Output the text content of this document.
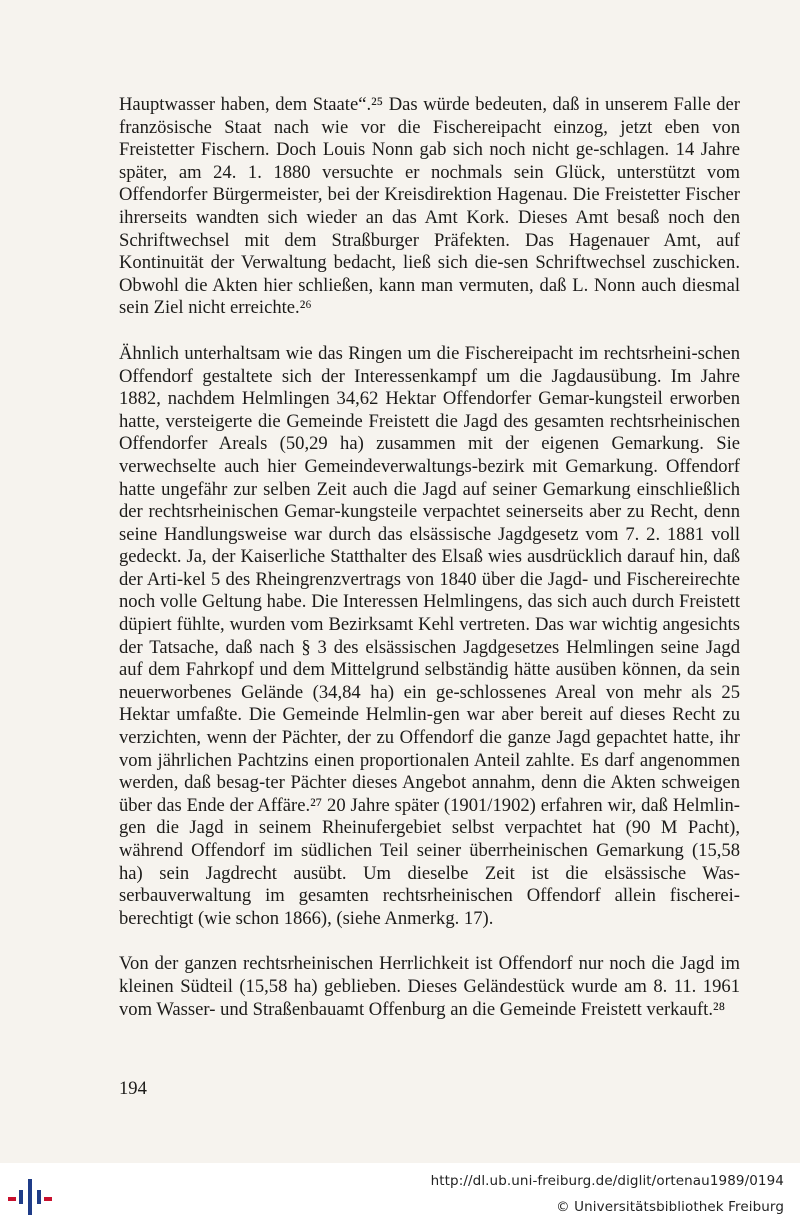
Hauptwasser haben, dem Staate“.²⁵ Das würde bedeuten, daß in unserem Falle der französische Staat nach wie vor die Fischereipacht einzog, jetzt eben von Freistetter Fischern. Doch Louis Nonn gab sich noch nicht ge-schlagen. 14 Jahre später, am 24. 1. 1880 versuchte er nochmals sein Glück, unterstützt vom Offendorfer Bürgermeister, bei der Kreisdirektion Hagenau. Die Freistetter Fischer ihrerseits wandten sich wieder an das Amt Kork. Dieses Amt besaß noch den Schriftwechsel mit dem Straßburger Präfekten. Das Hagenauer Amt, auf Kontinuität der Verwaltung bedacht, ließ sich die-sen Schriftwechsel zuschicken. Obwohl die Akten hier schließen, kann man vermuten, daß L. Nonn auch diesmal sein Ziel nicht erreichte.²⁶

Ähnlich unterhaltsam wie das Ringen um die Fischereipacht im rechtsrheini-schen Offendorf gestaltete sich der Interessenkampf um die Jagdausübung. Im Jahre 1882, nachdem Helmlingen 34,62 Hektar Offendorfer Gemar-kungsteil erworben hatte, versteigerte die Gemeinde Freistett die Jagd des gesamten rechtsrheinischen Offendorfer Areals (50,29 ha) zusammen mit der eigenen Gemarkung. Sie verwechselte auch hier Gemeindeverwaltungs-bezirk mit Gemarkung. Offendorf hatte ungefähr zur selben Zeit auch die Jagd auf seiner Gemarkung einschließlich der rechtsrheinischen Gemar-kungsteile verpachtet seinerseits aber zu Recht, denn seine Handlungsweise war durch das elsässische Jagdgesetz vom 7. 2. 1881 voll gedeckt. Ja, der Kaiserliche Statthalter des Elsaß wies ausdrücklich darauf hin, daß der Arti-kel 5 des Rheingrenzvertrags von 1840 über die Jagd- und Fischereirechte noch volle Geltung habe. Die Interessen Helmlingens, das sich auch durch Freistett düpiert fühlte, wurden vom Bezirksamt Kehl vertreten. Das war wichtig angesichts der Tatsache, daß nach § 3 des elsässischen Jagdgesetzes Helmlingen seine Jagd auf dem Fahrkopf und dem Mittelgrund selbständig hätte ausüben können, da sein neuerworbenes Gelände (34,84 ha) ein ge-schlossenes Areal von mehr als 25 Hektar umfaßte. Die Gemeinde Helmlin-gen war aber bereit auf dieses Recht zu verzichten, wenn der Pächter, der zu Offendorf die ganze Jagd gepachtet hatte, ihr vom jährlichen Pachtzins einen proportionalen Anteil zahlte. Es darf angenommen werden, daß besag-ter Pächter dieses Angebot annahm, denn die Akten schweigen über das Ende der Affäre.²⁷ 20 Jahre später (1901/1902) erfahren wir, daß Helmlin-gen die Jagd in seinem Rheinufergebiet selbst verpachtet hat (90 M Pacht), während Offendorf im südlichen Teil seiner überrheinischen Gemarkung (15,58 ha) sein Jagdrecht ausübt. Um dieselbe Zeit ist die elsässische Was-serbauverwaltung im gesamten rechtsrheinischen Offendorf allein fischerei-berechtigt (wie schon 1866), (siehe Anmerkg. 17).

Von der ganzen rechtsrheinischen Herrlichkeit ist Offendorf nur noch die Jagd im kleinen Südteil (15,58 ha) geblieben. Dieses Geländestück wurde am 8. 11. 1961 vom Wasser- und Straßenbauamt Offenburg an die Gemeinde Freistett verkauft.²⁸

194
http://dl.ub.uni-freiburg.de/diglit/ortenau1989/0194
© Universitätsbibliothek Freiburg
